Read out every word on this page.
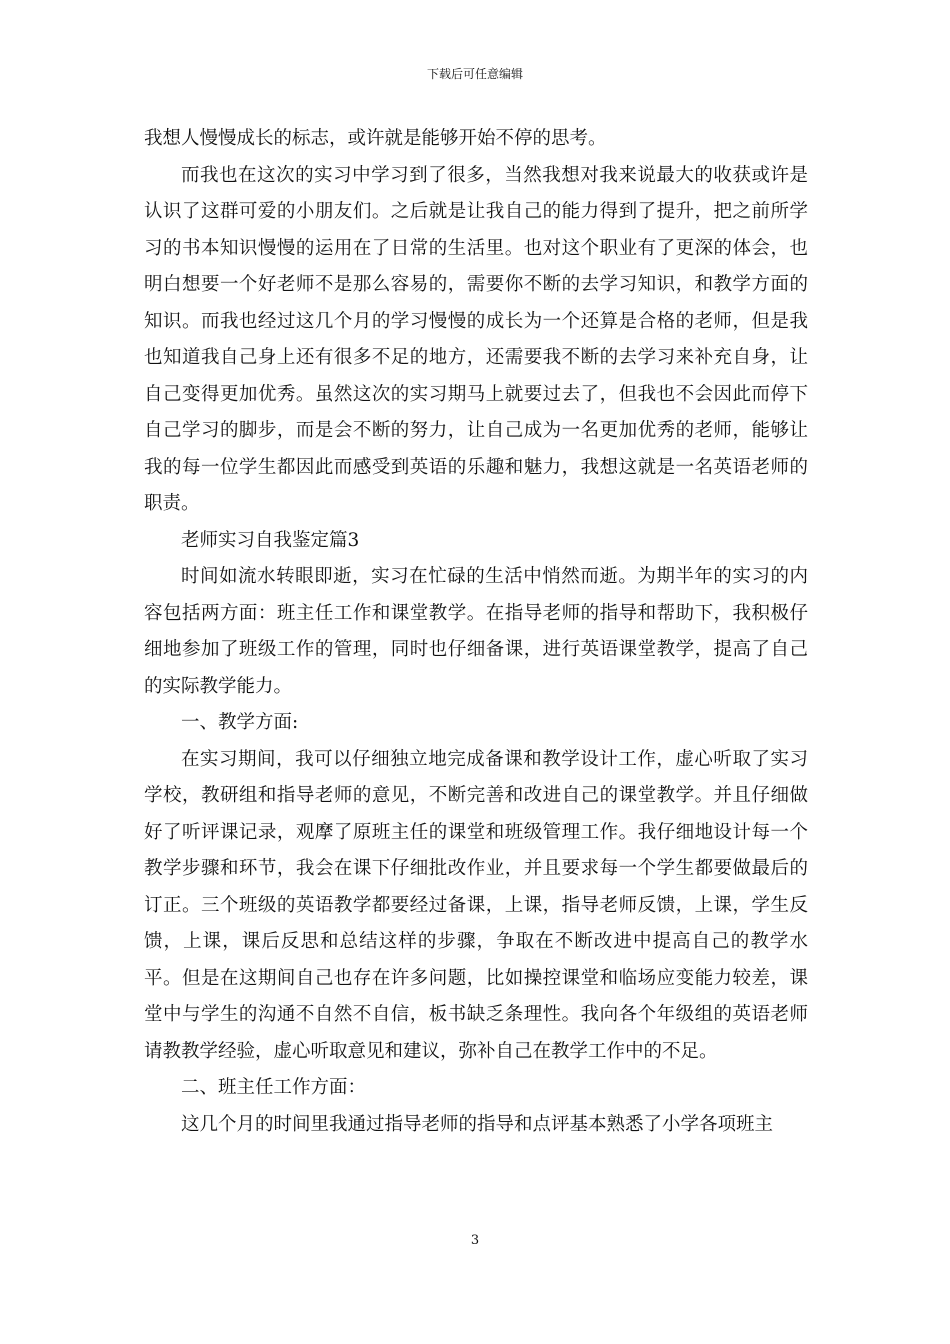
下载后可任意编辑

我想人慢慢成长的标志，或许就是能够开始不停的思考。

而我也在这次的实习中学习到了很多，当然我想对我来说最大的收获或许是认识了这群可爱的小朋友们。之后就是让我自己的能力得到了提升，把之前所学习的书本知识慢慢的运用在了日常的生活里。也对这个职业有了更深的体会，也明白想要一个好老师不是那么容易的，需要你不断的去学习知识，和教学方面的知识。而我也经过这几个月的学习慢慢的成长为一个还算是合格的老师，但是我也知道我自己身上还有很多不足的地方，还需要我不断的去学习来补充自身，让自己变得更加优秀。虽然这次的实习期马上就要过去了，但我也不会因此而停下自己学习的脚步，而是会不断的努力，让自己成为一名更加优秀的老师，能够让我的每一位学生都因此而感受到英语的乐趣和魅力，我想这就是一名英语老师的职责。

老师实习自我鉴定篇3

时间如流水转眼即逝，实习在忙碌的生活中悄然而逝。为期半年的实习的内容包括两方面：班主任工作和课堂教学。在指导老师的指导和帮助下，我积极仔细地参加了班级工作的管理，同时也仔细备课，进行英语课堂教学，提高了自己的实际教学能力。

一、教学方面:

在实习期间，我可以仔细独立地完成备课和教学设计工作，虚心听取了实习学校，教研组和指导老师的意见，不断完善和改进自己的课堂教学。并且仔细做好了听评课记录，观摩了原班主任的课堂和班级管理工作。我仔细地设计每一个教学步骤和环节，我会在课下仔细批改作业，并且要求每一个学生都要做最后的订正。三个班级的英语教学都要经过备课，上课，指导老师反馈，上课，学生反馈，上课，课后反思和总结这样的步骤，争取在不断改进中提高自己的教学水平。但是在这期间自己也存在许多问题，比如操控课堂和临场应变能力较差，课堂中与学生的沟通不自然不自信，板书缺乏条理性。我向各个年级组的英语老师请教教学经验，虚心听取意见和建议，弥补自己在教学工作中的不足。

二、班主任工作方面：

这几个月的时间里我通过指导老师的指导和点评基本熟悉了小学各项班主

3
